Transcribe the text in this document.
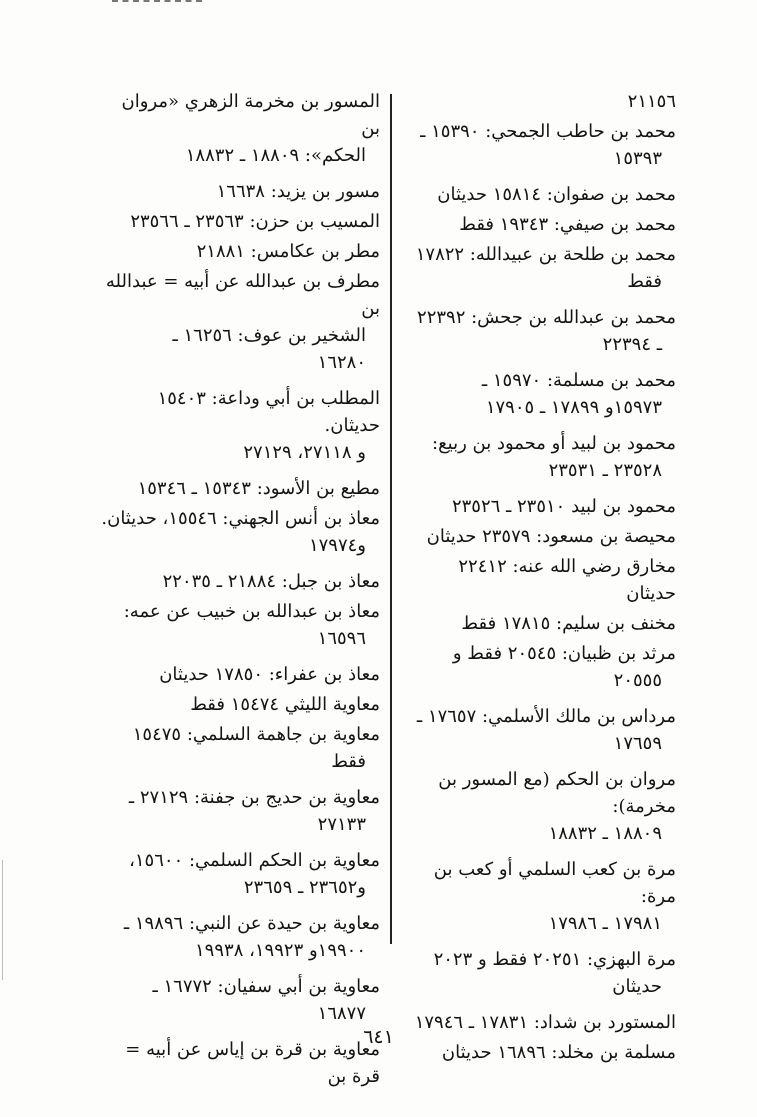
٢١١٥٦
محمد بن حاطب الجمحي: ١٥٣٩٠ ـ

١٥٣٩٣
محمد بن صفوان: ١٥٨١٤ حديثان
محمد بن صيفي: ١٩٣٤٣ فقط
محمد بن طلحة بن عبيدالله: ١٧٨٢٢

فقط
محمد بن عبدالله بن جحش: ٢٢٣٩٢

ـ ٢٢٣٩٤
محمد بن مسلمة: ١٥٩٧٠ ـ

١٥٩٧٣و ١٧٨٩٩ ـ ١٧٩٠٥
محمود بن لبيد أو محمود بن ربيع:

٢٣٥٢٨ ـ ٢٣٥٣١
محمود بن لبيد ٢٣٥١٠ ـ ٢٣٥٢٦
محيصة بن مسعود: ٢٣٥٧٩ حديثان
مخارق رضي الله عنه: ٢٢٤١٢ حديثان
مخنف بن سليم: ١٧٨١٥ فقط
مرثد بن ظبيان: ٢٠٥٤٥ فقط و

٢٠٥٥٥
مرداس بن مالك الأسلمي: ١٧٦٥٧ ـ

١٧٦٥٩
مروان بن الحكم (مع المسور بن مخرمة):

١٨٨٠٩ ـ ١٨٨٣٢
مرة بن كعب السلمي أو كعب بن مرة:

١٧٩٨١ ـ ١٧٩٨٦
مرة البهزي: ٢٠٢٥١ فقط و ٢٠٢٣

حديثان
المستورد بن شداد: ١٧٨٣١ ـ ١٧٩٤٦
مسلمة بن مخلد: ١٦٨٩٦ حديثان
المسور بن مخرمة الزهري «مروان بن

الحكم»: ١٨٨٠٩ ـ ١٨٨٣٢
مسور بن يزيد: ١٦٦٣٨
المسيب بن حزن: ٢٣٥٦٣ ـ ٢٣٥٦٦
مطر بن عكامس: ٢١٨٨١
مطرف بن عبدالله عن أبيه = عبدالله بن

الشخير بن عوف: ١٦٢٥٦ ـ
١٦٢٨٠
المطلب بن أبي وداعة: ١٥٤٠٣ حديثان.

و ٢٧١١٨، ٢٧١٢٩
مطيع بن الأسود: ١٥٣٤٣ ـ ١٥٣٤٦
معاذ بن أنس الجهني: ١٥٥٤٦، حديثان.

و١٧٩٧٤
معاذ بن جبل: ٢١٨٨٤ ـ ٢٢٠٣٥
معاذ بن عبدالله بن خبيب عن عمه:

١٦٥٩٦
معاذ بن عفراء: ١٧٨٥٠ حديثان
معاوية الليثي ١٥٤٧٤ فقط
معاوية بن جاهمة السلمي: ١٥٤٧٥

فقط
معاوية بن حديج بن جفنة: ٢٧١٢٩ ـ

٢٧١٣٣
معاوية بن الحكم السلمي: ١٥٦٠٠،

و٢٣٦٥٢ ـ ٢٣٦٥٩
معاوية بن حيدة عن النبي: ١٩٨٩٦ ـ

١٩٩٠٠و ١٩٩٢٣، ١٩٩٣٨
معاوية بن أبي سفيان: ١٦٧٧٢ ـ

١٦٨٧٧
معاوية بن قرة بن إياس عن أبيه = قرة بن
٦٤١
